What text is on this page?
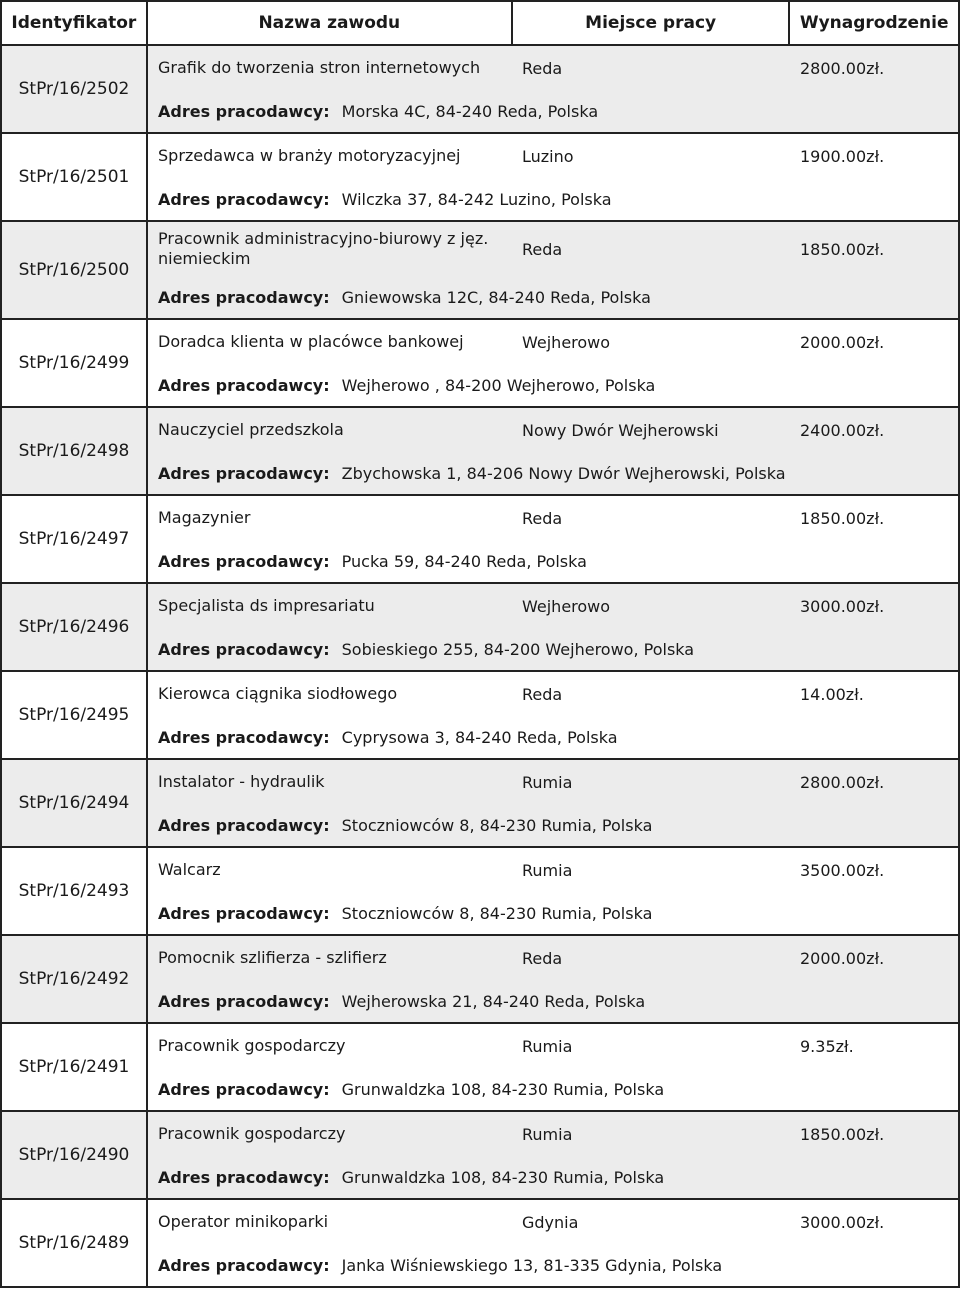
Identyfikator	Nazwa zawodu	Miejsce pracy	Wynagrodzenie
StPr/16/2502
Grafik do tworzenia stron internetowych	Reda	2800.00zł.
Adres pracodawcy: Morska 4C, 84-240 Reda, Polska
StPr/16/2501
Sprzedawca w branży motoryzacyjnej	Luzino	1900.00zł.
Adres pracodawcy: Wilczka 37, 84-242 Luzino, Polska
StPr/16/2500
Pracownik administracyjno-biurowy z jęz. niemieckim	Reda	1850.00zł.
Adres pracodawcy: Gniewowska 12C, 84-240 Reda, Polska
StPr/16/2499
Doradca klienta w placówce bankowej	Wejherowo	2000.00zł.
Adres pracodawcy: Wejherowo , 84-200 Wejherowo, Polska
StPr/16/2498
Nauczyciel przedszkola	Nowy Dwór Wejherowski	2400.00zł.
Adres pracodawcy: Zbychowska 1, 84-206 Nowy Dwór Wejherowski, Polska
StPr/16/2497
Magazynier	Reda	1850.00zł.
Adres pracodawcy: Pucka 59, 84-240 Reda, Polska
StPr/16/2496
Specjalista ds impresariatu	Wejherowo	3000.00zł.
Adres pracodawcy: Sobieskiego 255, 84-200 Wejherowo, Polska
StPr/16/2495
Kierowca ciągnika siodłowego	Reda	14.00zł.
Adres pracodawcy: Cyprysowa 3, 84-240 Reda, Polska
StPr/16/2494
Instalator - hydraulik	Rumia	2800.00zł.
Adres pracodawcy: Stoczniowców 8, 84-230 Rumia, Polska
StPr/16/2493
Walcarz	Rumia	3500.00zł.
Adres pracodawcy: Stoczniowców 8, 84-230 Rumia, Polska
StPr/16/2492
Pomocnik szlifierza - szlifierz	Reda	2000.00zł.
Adres pracodawcy: Wejherowska 21, 84-240 Reda, Polska
StPr/16/2491
Pracownik gospodarczy	Rumia	9.35zł.
Adres pracodawcy: Grunwaldzka 108, 84-230 Rumia, Polska
StPr/16/2490
Pracownik gospodarczy	Rumia	1850.00zł.
Adres pracodawcy: Grunwaldzka 108, 84-230 Rumia, Polska
StPr/16/2489
Operator minikoparki	Gdynia	3000.00zł.
Adres pracodawcy: Janka Wiśniewskiego 13, 81-335 Gdynia, Polska
